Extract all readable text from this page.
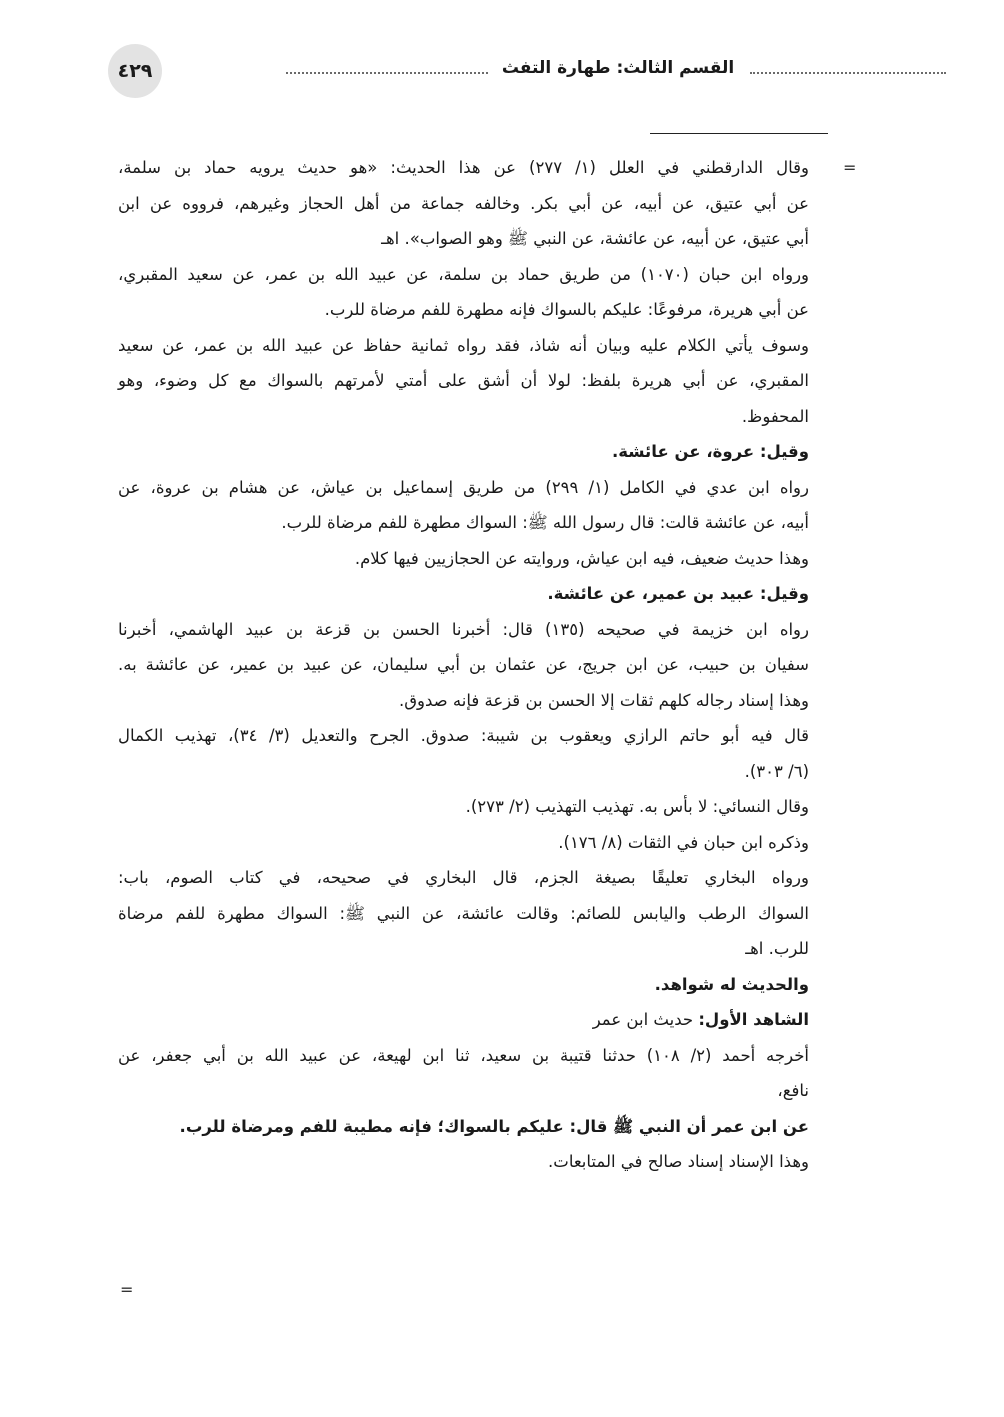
٤٢٩	القسم الثالث: طهارة التفث
=
وقال الدارقطني في العلل (١/ ٢٧٧) عن هذا الحديث: «هو حديث يرويه حماد بن سلمة،
عن أبي عتيق، عن أبيه، عن أبي بكر. وخالفه جماعة من أهل الحجاز وغيرهم، فرووه عن ابن
أبي عتيق، عن أبيه، عن عائشة، عن النبي ﷺ وهو الصواب». اهـ
ورواه ابن حبان (١٠٧٠) من طريق حماد بن سلمة، عن عبيد الله بن عمر، عن سعيد المقبري،
عن أبي هريرة، مرفوعًا: عليكم بالسواك فإنه مطهرة للفم مرضاة للرب.
وسوف يأتي الكلام عليه وبيان أنه شاذ، فقد رواه ثمانية حفاظ عن عبيد الله بن عمر، عن سعيد
المقبري، عن أبي هريرة بلفظ: لولا أن أشق على أمتي لأمرتهم بالسواك مع كل وضوء، وهو
المحفوظ.
وقيل: عروة، عن عائشة.
رواه ابن عدي في الكامل (١/ ٢٩٩) من طريق إسماعيل بن عياش، عن هشام بن عروة، عن
أبيه، عن عائشة قالت: قال رسول الله ﷺ: السواك مطهرة للفم مرضاة للرب.
وهذا حديث ضعيف، فيه ابن عياش، وروايته عن الحجازيين فيها كلام.
وقيل: عبيد بن عمير، عن عائشة.
رواه ابن خزيمة في صحيحه (١٣٥) قال: أخبرنا الحسن بن قزعة بن عبيد الهاشمي، أخبرنا
سفيان بن حبيب، عن ابن جريج، عن عثمان بن أبي سليمان، عن عبيد بن عمير، عن عائشة به.
وهذا إسناد رجاله كلهم ثقات إلا الحسن بن قزعة فإنه صدوق.
قال فيه أبو حاتم الرازي ويعقوب بن شيبة: صدوق. الجرح والتعديل (٣/ ٣٤)، تهذيب الكمال
(٦/ ٣٠٣).
وقال النسائي: لا بأس به. تهذيب التهذيب (٢/ ٢٧٣).
وذكره ابن حبان في الثقات (٨/ ١٧٦).
ورواه البخاري تعليقًا بصيغة الجزم، قال البخاري في صحيحه، في كتاب الصوم، باب:
السواك الرطب واليابس للصائم: وقالت عائشة، عن النبي ﷺ: السواك مطهرة للفم مرضاة
للرب. اهـ
والحديث له شواهد.
الشاهد الأول: حديث ابن عمر
أخرجه أحمد (٢/ ١٠٨) حدثنا قتيبة بن سعيد، ثنا ابن لهيعة، عن عبيد الله بن أبي جعفر، عن
نافع،
عن ابن عمر أن النبي ﷺ قال: عليكم بالسواك؛ فإنه مطيبة للفم ومرضاة للرب.
وهذا الإسناد إسناد صالح في المتابعات.
=
